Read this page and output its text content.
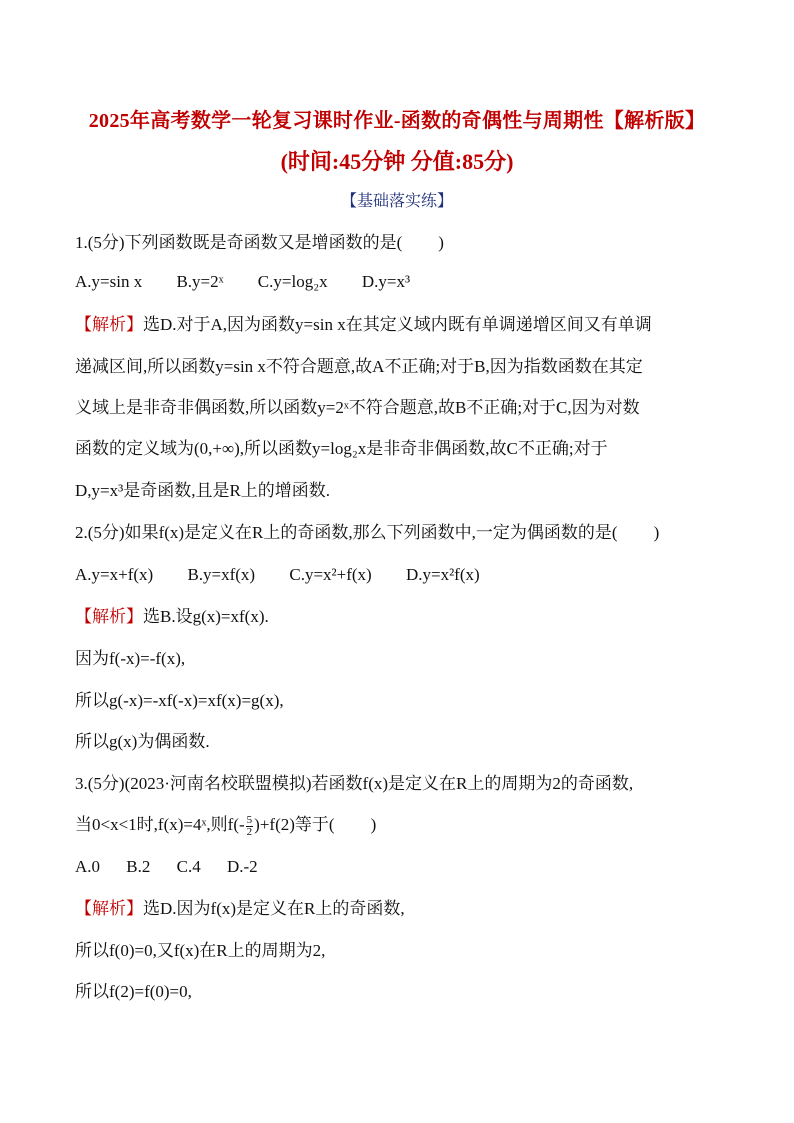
2025年高考数学一轮复习课时作业-函数的奇偶性与周期性【解析版】
(时间:45分钟 分值:85分)
【基础落实练】
1.(5分)下列函数既是奇函数又是增函数的是( )
A.y=sin x B.y=2ˣ C.y=log₂x D.y=x³
【解析】选D.对于A,因为函数y=sin x在其定义域内既有单调递增区间又有单调
递减区间,所以函数y=sin x不符合题意,故A不正确;对于B,因为指数函数在其定
义域上是非奇非偶函数,所以函数y=2ˣ不符合题意,故B不正确;对于C,因为对数
函数的定义域为(0,+∞),所以函数y=log₂x是非奇非偶函数,故C不正确;对于
D,y=x³是奇函数,且是R上的增函数.
2.(5分)如果f(x)是定义在R上的奇函数,那么下列函数中,一定为偶函数的是( )
A.y=x+f(x) B.y=xf(x) C.y=x²+f(x) D.y=x²f(x)
【解析】选B.设g(x)=xf(x).
因为f(-x)=-f(x),
所以g(-x)=-xf(-x)=xf(x)=g(x),
所以g(x)为偶函数.
3.(5分)(2023·河南名校联盟模拟)若函数f(x)是定义在R上的周期为2的奇函数,
当0<x<1时,f(x)=4ˣ,则$f(- \frac{5}{2} )+f(2)$等于( )
A.0 B.2 C.4 D.-2
【解析】选D.因为f(x)是定义在R上的奇函数,
所以f(0)=0,又f(x)在R上的周期为2,
所以f(2)=f(0)=0,
